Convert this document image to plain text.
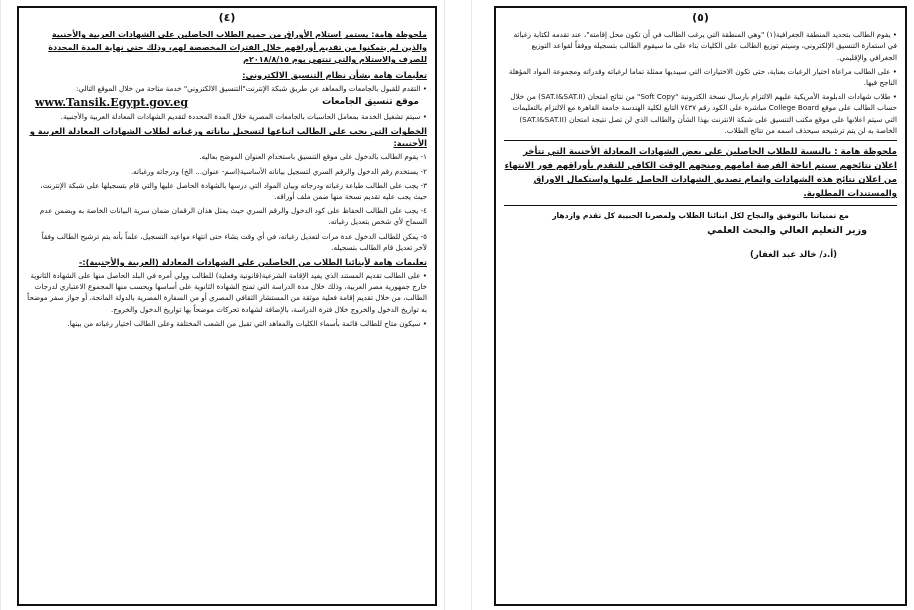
(٤)
ملحوظة هامة: يستمر استلام الأوراق من جميع الطلاب الحاصلين على الشهادات العربية والأجنبية والذين لم يتمكنوا من تقديم أوراقهم خلال الفترات المخصصة لهم، وذلك حتى نهاية المدة المحددة للصرف والاستلام والتي تنتهي يوم ٢٠١٨/٨/١٥م
تعليمات هامة بشأن نظام التنسيق الالكتروني:

• التقدم للقبول بالجامعات والمعاهد عن طريق شبكة الإنترنت"التنسيق الالكتروني" خدمة متاحة من خلال الموقع التالي:

www.Tansik.Egypt.gov.eg	موقع تنسيق الجامعات

• سيتم تشغيل الخدمة بمعامل الحاسبات بالجامعات المصرية خلال المدة المحددة لتقديم الشهادات المعادلة العربية والأجنبية.

الخطوات التي يجب على الطالب اتباعها لتسجيل بياناته ورغباته لطلاب الشهادات المعادلة العربية و الأجنبية:

١- يقوم الطالب بالدخول على موقع التنسيق باستخدام العنوان الموضح بعاليه.

٢- يستخدم رقم الدخول والرقم السري لتسجيل بياناته الأساسية(اسم- عنوان... الخ) ودرجاته ورغباته.

٣- يجب على الطالب طباعة رغباته ودرجاته وبيان المواد التي درسها بالشهادة الحاصل عليها والتي قام بتسجيلها على شبكة الإنترنت، حيث يجب عليه تقديم نسخة منها ضمن ملف أوراقه.

٤- يجب على الطالب الحفاظ على كود الدخول والرقم السري حيث يمثل هذان الرقمان ضمان سرية البيانات الخاصة به ويضمن عدم السماح لأي شخص بتعديل رغباته.

٥- يمكن للطالب الدخول عدة مرات لتعديل رغباته، في أي وقت يشاء حتى انتهاء مواعيد التسجيل، علماً بأنه يتم ترشيح الطالب وفقاً لآخر تعديل قام الطالب بتسجيله.

تعليمات هامة لأبنائنا الطلاب من الحاصلين على الشهادات المعادلة (العربية والأجنبية):-

• على الطالب تقديم المستند الذي يفيد الإقامة الشرعية(قانونية وفعلية) للطالب وولي أمره في البلد الحاصل منها على الشهادة الثانوية خارج جمهورية مصر العربية، وذلك خلال مدة الدراسة التي تمنح الشهادة الثانوية على أساسها ويحسب منها المجموع الاعتباري لدرجات الطالب، من خلال تقديم إقامة فعلية موثقة من المستشار الثقافي المصري أو من السفارة المصرية بالدولة المانحة، أو جواز سفر موضحاً به تواريخ الدخول والخروج خلال فترة الدراسة، بالإضافة لشهادة تحركات موضحاً بها تواريخ الدخول والخروج.

• سيكون متاح للطالب قائمة بأسماء الكليات والمعاهد التي تقبل من الشعب المختلفة وعلى الطالب اختيار رغباته من بينها.

(٥)

• يقوم الطالب بتحديد المنطقة الجغرافية(١) "وهي المنطقة التي يرغب الطالب في أن تكون محل إقامته"، عند تقدمه لكتابة رغباته في استمارة التنسيق الإلكتروني، وسيتم توزيع الطالب على الكليات بناء على ما سيقوم الطالب بتسجيله ووفقاً لقواعد التوزيع الجغرافي والإقليمي.

• على الطالب مراعاة اختيار الرغبات بعناية، حتى تكون الاختيارات التي سيبديها ممثلة تماما لرغباته وقدراته ومجموعة المواد المؤهلة الناجح فيها.

• طلاب شهادات الدبلومة الأمريكية عليهم الالتزام بارسال نسخة الكترونية "Soft Copy" من نتائج امتحان (SAT.I&SAT.II) من خلال حساب الطالب على موقع College Board مباشرة على الكود رقم ٧٤٣٧ التابع لكلية الهندسة جامعة القاهرة مع الالتزام بالتعليمات التي سيتم اعلانها على موقع مكتب التنسيق على شبكة الانترنت بهذا الشأن والطالب الذي لن تصل نتيجة امتحان (SAT.I&SAT.II) الخاصة به لن يتم ترشيحه سيحذف اسمه من نتائج الطلاب.

ملحوظة هامة : بالنسبة للطلاب الحاصلين على بعض الشهادات المعادلة الأجنبية التي تتأخر اعلان نتائجهم سيتم اتاحة الفرصة امامهم ومنحهم الوقت الكافي للتقدم بأوراقهم فور الانتهاء من اعلان نتائج هذه الشهادات واتمام تصديق الشهادات الحاصل عليها واستكمال الاوراق والمستندات المطلوبة.

مع تمنياتنا بالتوفيق والنجاح لكل ابنائنا الطلاب ولمصرنا الحبيبة كل تقدم وازدهار

وزير التعليم العالي والبحث العلمي
(أ.د/ خالد عبد الغفار)
